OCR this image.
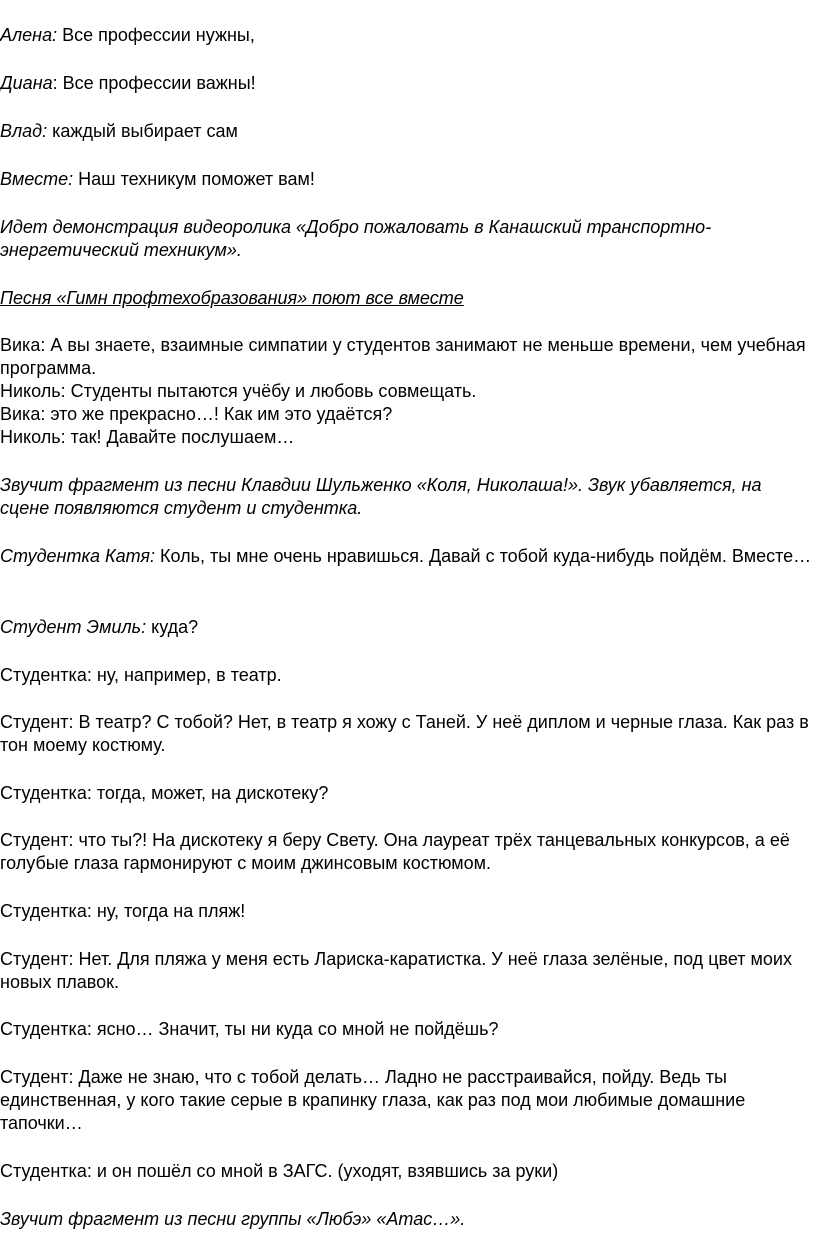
Алена: Все профессии нужны,

Диана: Все профессии важны!

Влад: каждый выбирает сам

Вместе: Наш техникум поможет вам!

Идет демонстрация видеоролика «Добро пожаловать в Канашский транспортно-энергетический техникум».

Песня «Гимн профтехобразования» поют все вместе

Вика: А вы знаете, взаимные симпатии у студентов занимают не меньше времени, чем учебная программа.

Николь: Студенты пытаются учёбу и любовь совмещать.

Вика: это же прекрасно…! Как им это удаётся?

Николь: так! Давайте послушаем…

Звучит фрагмент из песни Клавдии Шульженко «Коля, Николаша!». Звук убавляется, на сцене появляются студент и студентка.

Студентка Катя: Коль, ты мне очень нравишься. Давай с тобой куда-нибудь пойдём. Вместе…

Студент Эмиль: куда?

Студентка: ну, например, в театр.

Студент: В театр? С тобой? Нет, в театр я хожу с Таней. У неё диплом и черные глаза. Как раз в тон моему костюму.

Студентка: тогда, может, на дискотеку?

Студент: что ты?! На дискотеку я беру Свету. Она лауреат трёх танцевальных конкурсов, а её голубые глаза гармонируют с моим джинсовым костюмом.

Студентка: ну, тогда на пляж!

Студент: Нет. Для пляжа у меня есть Лариска-каратистка. У неё глаза зелёные, под цвет моих новых плавок.

Студентка: ясно… Значит, ты ни куда со мной не пойдёшь?

Студент: Даже не знаю, что с тобой делать… Ладно не расстраивайся, пойду. Ведь ты единственная, у кого такие серые в крапинку глаза, как раз под мои любимые домашние тапочки…

Студентка: и он пошёл со мной в ЗАГС. (уходят, взявшись за руки)

Звучит фрагмент из песни группы «Любэ» «Атас…».
